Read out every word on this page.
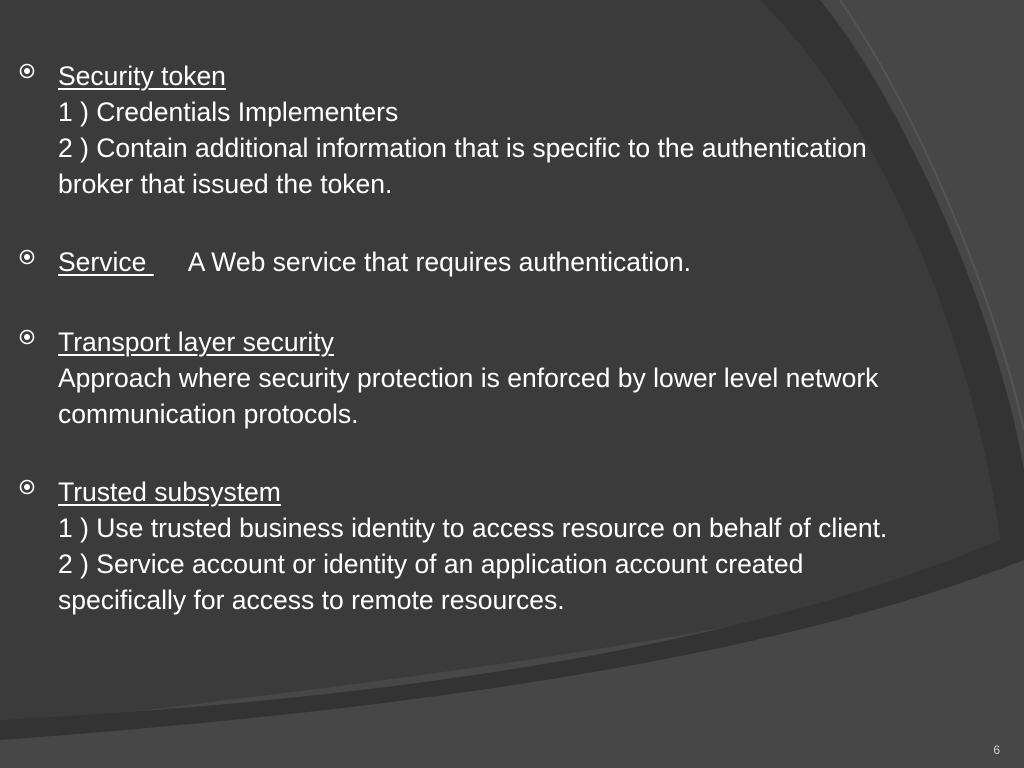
Security token
1 ) Credentials Implementers
2 ) Contain additional information that is specific to the authentication
broker that issued the token.
Service A Web service that requires authentication.
Transport layer security
Approach where security protection is enforced by lower level network
communication protocols.
Trusted subsystem
1 ) Use trusted business identity to access resource on behalf of client.
2 ) Service account or identity of an application account created
specifically for access to remote resources.
6
